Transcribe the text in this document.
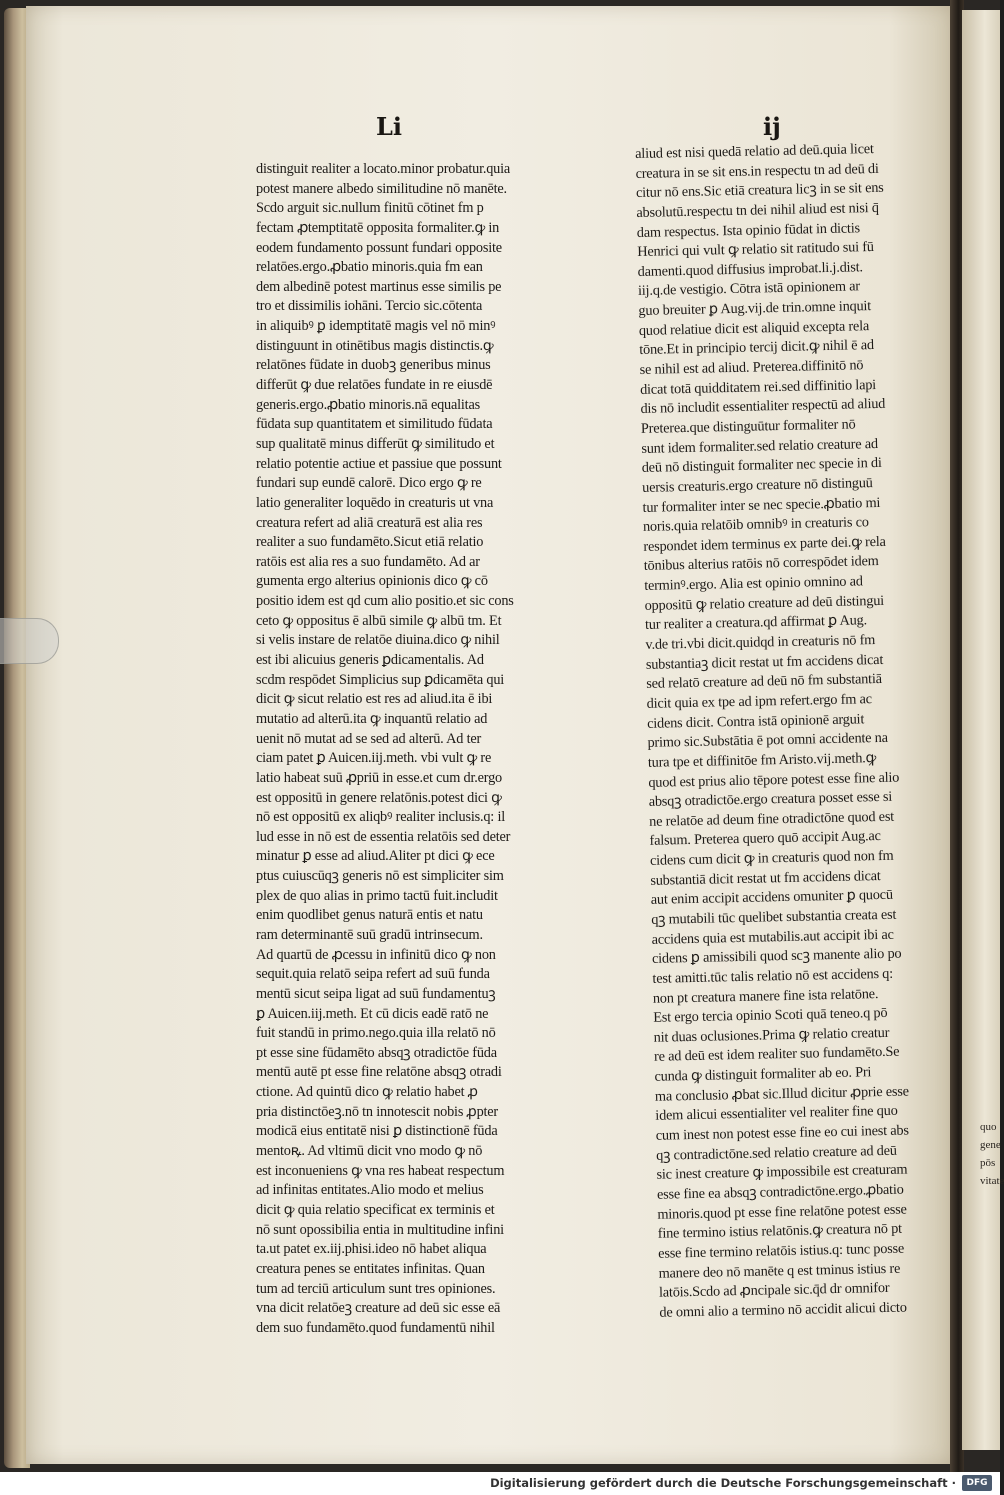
Li	ij
distinguit realiter a locato.minor probatur.quia
potest manere albedo similitudine nō manēte.
Scdo arguit sic.nullum finitū cōtinet fm p
fectam ꝓtemptitatē opposita formaliter.ꝙ in
eodem fundamento possunt fundari opposite
relatōes.ergo.ꝓbatio minoris.quia fm ean
dem albedinē potest martinus esse similis pe
tro et dissimilis iohāni. Tercio sic.cōtenta
in aliquibꝰ ꝑ idemptitatē magis vel nō minꝰ
distinguunt in otinētibus magis distinctis.ꝙ
relatōnes fūdate in duobꝫ generibus minus
differūt ꝙ due relatōes fundate in re eiusdē
generis.ergo.ꝓbatio minoris.nā equalitas
fūdata sup quantitatem et similitudo fūdata
sup qualitatē minus differūt ꝙ similitudo et
relatio potentie actiue et passiue que possunt
fundari sup eundē calorē. Dico ergo ꝙ re
latio generaliter loquēdo in creaturis ut vna
creatura refert ad aliā creaturā est alia res
realiter a suo fundamēto.Sicut etiā relatio
ratōis est alia res a suo fundamēto. Ad ar
gumenta ergo alterius opinionis dico ꝙ cō
positio idem est qd cum alio positio.et sic cons
ceto ꝙ oppositus ē albū simile ꝙ albū tm. Et
si velis instare de relatōe diuina.dico ꝙ nihil
est ibi alicuius generis ꝑdicamentalis. Ad
scdm respōdet Simplicius sup ꝑdicamēta qui
dicit ꝙ sicut relatio est res ad aliud.ita ē ibi
mutatio ad alterū.ita ꝙ inquantū relatio ad
uenit nō mutat ad se sed ad alterū. Ad ter
ciam patet ꝑ Auicen.iij.meth. vbi vult ꝙ re
latio habeat suū ꝓpriū in esse.et cum dr.ergo
est oppositū in genere relatōnis.potest dici ꝙ
nō est oppositū ex aliqbꝰ realiter inclusis.q: il
lud esse in nō est de essentia relatōis sed deter
minatur ꝑ esse ad aliud.Aliter pt dici ꝙ ece
ptus cuiuscūqꝫ generis nō est simpliciter sim
plex de quo alias in primo tactū fuit.includit
enim quodlibet genus naturā entis et natu
ram determinantē suū gradū intrinsecum.
Ad quartū de ꝓcessu in infinitū dico ꝙ non
sequit.quia relatō seipa refert ad suū funda
mentū sicut seipa ligat ad suū fundamentuꝫ
ꝑ Auicen.iij.meth. Et cū dicis eadē ratō ne
fuit standū in primo.nego.quia illa relatō nō
pt esse sine fūdamēto absqꝫ otradictōe fūda
mentū autē pt esse fine relatōne absqꝫ otradi
ctione. Ad quintū dico ꝙ relatio habet ꝓ
pria distinctōeꝫ.nō tn innotescit nobis ꝓpter
modicā eius entitatē nisi ꝑ distinctionē fūda
mentoꝶ. Ad vltimū dicit vno modo ꝙ nō
est inconueniens ꝙ vna res habeat respectum
ad infinitas entitates.Alio modo et melius
dicit ꝙ quia relatio specificat ex terminis et
nō sunt opossibilia entia in multitudine infini
ta.ut patet ex.iij.phisi.ideo nō habet aliqua
creatura penes se entitates infinitas. Quan
tum ad terciū articulum sunt tres opiniones.
vna dicit relatōeꝫ creature ad deū sic esse eā
dem suo fundamēto.quod fundamentū nihil
aliud est nisi quedā relatio ad deū.quia licet
creatura in se sit ens.in respectu tn ad deū di
citur nō ens.Sic etiā creatura licꝫ in se sit ens
absolutū.respectu tn dei nihil aliud est nisi q̄
dam respectus. Ista opinio fūdat in dictis
Henrici qui vult ꝙ relatio sit ratitudo sui fū
damenti.quod diffusius improbat.li.j.dist.
iij.q.de vestigio. Cōtra istā opinionem ar
guo breuiter ꝑ Aug.vij.de trin.omne inquit
quod relatiue dicit est aliquid excepta rela
tōne.Et in principio tercij dicit.ꝙ nihil ē ad
se nihil est ad aliud. Preterea.diffinitō nō
dicat totā quidditatem rei.sed diffinitio lapi
dis nō includit essentialiter respectū ad aliud
Preterea.que distinguūtur formaliter nō
sunt idem formaliter.sed relatio creature ad
deū nō distinguit formaliter nec specie in di
uersis creaturis.ergo creature nō distinguū
tur formaliter inter se nec specie.ꝓbatio mi
noris.quia relatōib omnibꝰ in creaturis co
respondet idem terminus ex parte dei.ꝙ rela
tōnibus alterius ratōis nō correspōdet idem
terminꝰ.ergo. Alia est opinio omnino ad
oppositū ꝙ relatio creature ad deū distingui
tur realiter a creatura.qd affirmat ꝑ Aug.
v.de tri.vbi dicit.quidqd in creaturis nō fm
substantiaꝫ dicit restat ut fm accidens dicat
sed relatō creature ad deū nō fm substantiā
dicit quia ex tpe ad ipm refert.ergo fm ac
cidens dicit. Contra istā opinionē arguit
primo sic.Substātia ē pot omni accidente na
tura tpe et diffinitōe fm Aristo.vij.meth.ꝙ
quod est prius alio tēpore potest esse fine alio
absqꝫ otradictōe.ergo creatura posset esse si
ne relatōe ad deum fine otradictōne quod est
falsum. Preterea quero quō accipit Aug.ac
cidens cum dicit ꝙ in creaturis quod non fm
substantiā dicit restat ut fm accidens dicat
aut enim accipit accidens omuniter ꝑ quocū
qꝫ mutabili tūc quelibet substantia creata est
accidens quia est mutabilis.aut accipit ibi ac
cidens ꝑ amissibili quod scꝫ manente alio po
test amitti.tūc talis relatio nō est accidens q:
non pt creatura manere fine ista relatōne.
Est ergo tercia opinio Scoti quā teneo.q pō
nit duas oclusiones.Prima ꝙ relatio creatur
re ad deū est idem realiter suo fundamēto.Se
cunda ꝙ distinguit formaliter ab eo. Pri
ma conclusio ꝓbat sic.Illud dicitur ꝓprie esse
idem alicui essentialiter vel realiter fine quo
cum inest non potest esse fine eo cui inest abs
qꝫ contradictōne.sed relatio creature ad deū
sic inest creature ꝙ impossibile est creaturam
esse fine ea absqꝫ contradictōne.ergo.ꝓbatio
minoris.quod pt esse fine relatōne potest esse
fine termino istius relatōnis.ꝙ creatura nō pt
esse fine termino relatōis istius.q: tunc posse
manere deo nō manēte q est tminus istius re
latōis.Scdo ad ꝓncipale sic.q̄d dr omnifor
de omni alio a termino nō accidit alicui dicto
quo
gene
pōs
vitate
Digitalisierung gefördert durch die Deutsche Forschungsgemeinschaft ·	DFG
